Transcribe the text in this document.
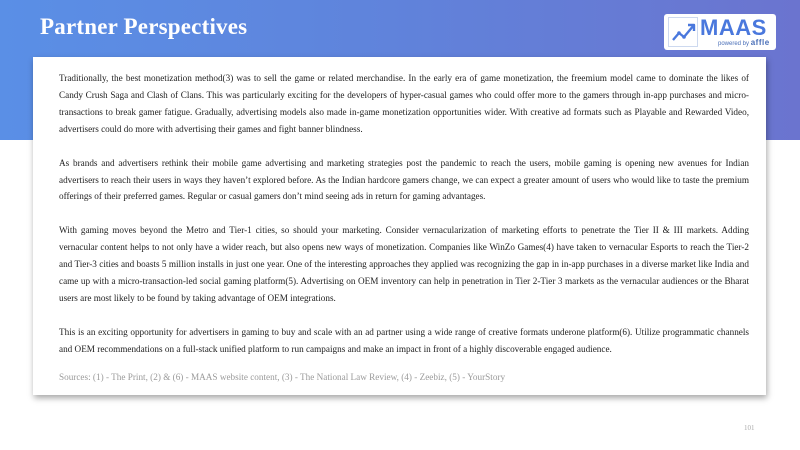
Partner Perspectives	MAAS
powered by affle

Traditionally, the best monetization method(3) was to sell the game or related merchandise. In the early era of game monetization, the freemium model came to dominate the likes of Candy Crush Saga and Clash of Clans. This was particularly exciting for the developers of hyper-casual games who could offer more to the gamers through in-app purchases and micro-transactions to break gamer fatigue. Gradually, advertising models also made in-game monetization opportunities wider. With creative ad formats such as Playable and Rewarded Video, advertisers could do more with advertising their games and fight banner blindness.

As brands and advertisers rethink their mobile game advertising and marketing strategies post the pandemic to reach the users, mobile gaming is opening new avenues for Indian advertisers to reach their users in ways they haven’t explored before. As the Indian hardcore gamers change, we can expect a greater amount of users who would like to taste the premium offerings of their preferred games. Regular or casual gamers don’t mind seeing ads in return for gaming advantages.

With gaming moves beyond the Metro and Tier-1 cities, so should your marketing. Consider vernacularization of marketing efforts to penetrate the Tier II & III markets. Adding vernacular content helps to not only have a wider reach, but also opens new ways of monetization. Companies like WinZo Games(4) have taken to vernacular Esports to reach the Tier-2 and Tier-3 cities and boasts 5 million installs in just one year. One of the interesting approaches they applied was recognizing the gap in in-app purchases in a diverse market like India and came up with a micro-transaction-led social gaming platform(5). Advertising on OEM inventory can help in penetration in Tier 2-Tier 3 markets as the vernacular audiences or the Bharat users are most likely to be found by taking advantage of OEM integrations.

This is an exciting opportunity for advertisers in gaming to buy and scale with an ad partner using a wide range of creative formats underone platform(6). Utilize programmatic channels and OEM recommendations on a full-stack unified platform to run campaigns and make an impact in front of a highly discoverable engaged audience.

Sources: (1) - The Print, (2) & (6) - MAAS website content, (3) - The National Law Review, (4) - Zeebiz, (5) - YourStory
101
